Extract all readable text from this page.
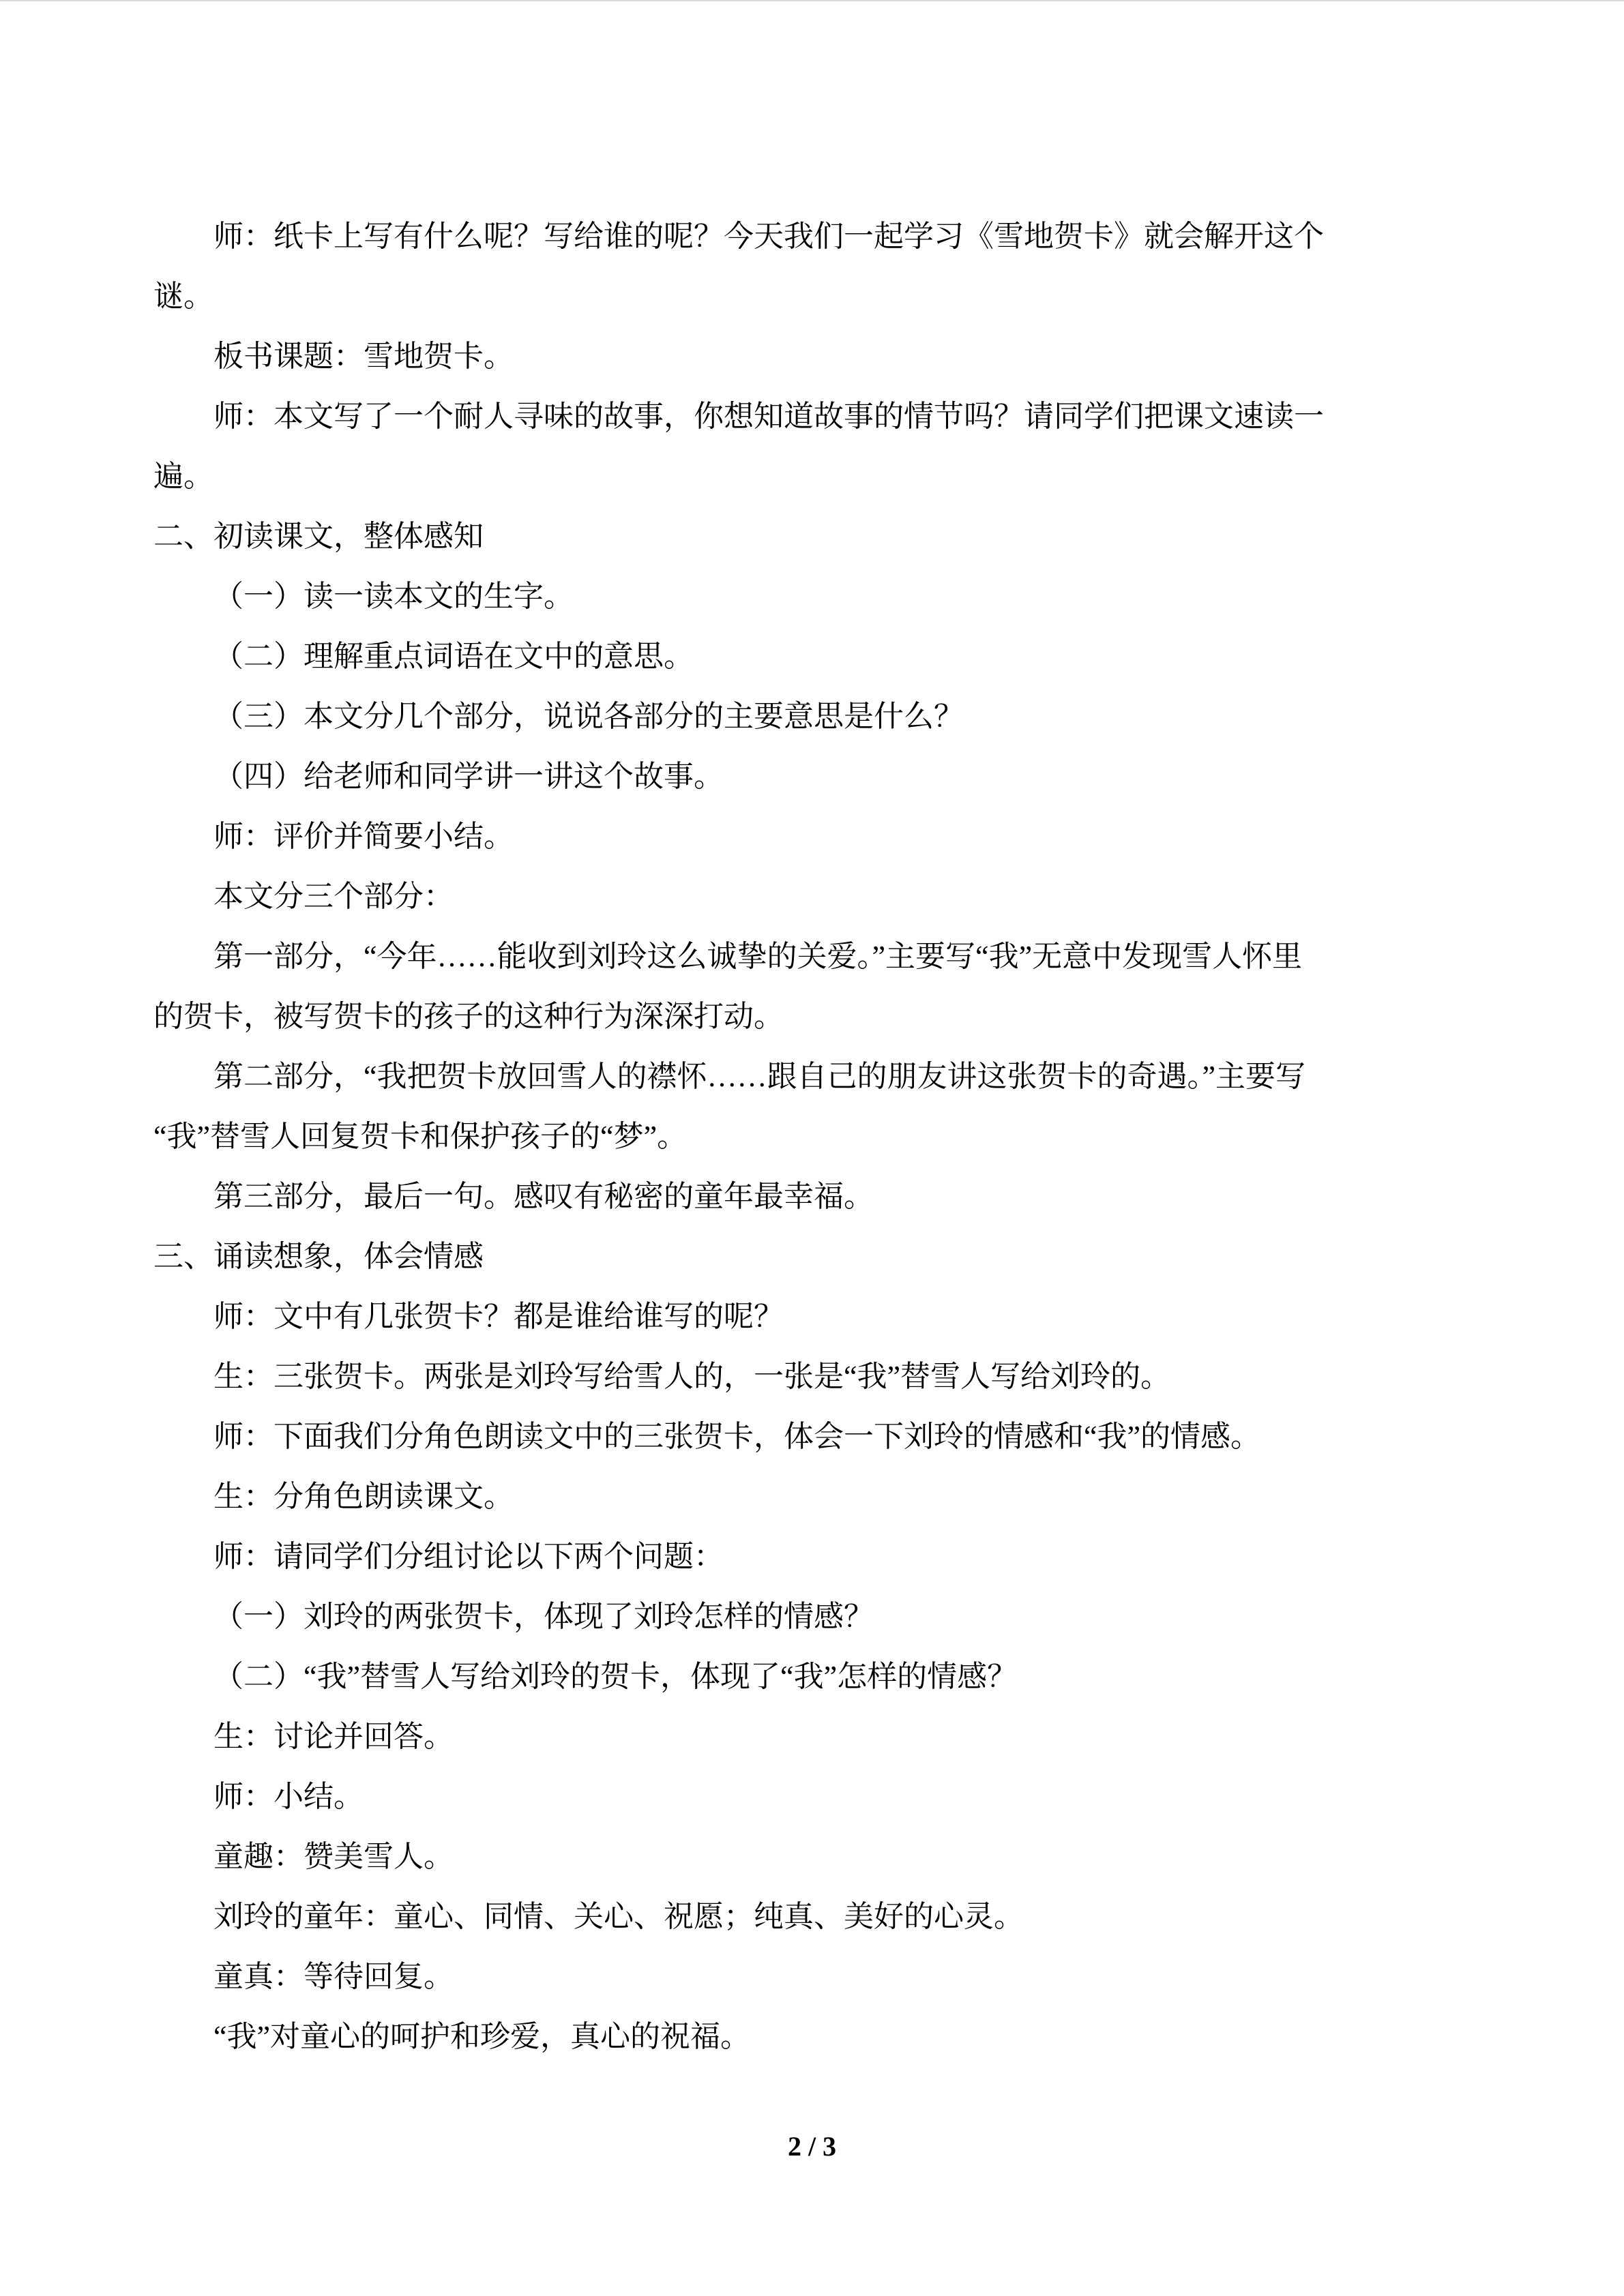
师：纸卡上写有什么呢？写给谁的呢？今天我们一起学习《雪地贺卡》就会解开这个
谜。
板书课题：雪地贺卡。
师：本文写了一个耐人寻味的故事，你想知道故事的情节吗？请同学们把课文速读一
遍。
二、初读课文，整体感知
（一）读一读本文的生字。
（二）理解重点词语在文中的意思。
（三）本文分几个部分，说说各部分的主要意思是什么？
（四）给老师和同学讲一讲这个故事。
师：评价并简要小结。
本文分三个部分：
第一部分，“今年……能收到刘玲这么诚挚的关爱。”主要写“我”无意中发现雪人怀里
的贺卡，被写贺卡的孩子的这种行为深深打动。
第二部分，“我把贺卡放回雪人的襟怀……跟自己的朋友讲这张贺卡的奇遇。”主要写
“我”替雪人回复贺卡和保护孩子的“梦”。
第三部分，最后一句。感叹有秘密的童年最幸福。
三、诵读想象，体会情感
师：文中有几张贺卡？都是谁给谁写的呢？
生：三张贺卡。两张是刘玲写给雪人的，一张是“我”替雪人写给刘玲的。
师：下面我们分角色朗读文中的三张贺卡，体会一下刘玲的情感和“我”的情感。
生：分角色朗读课文。
师：请同学们分组讨论以下两个问题：
（一）刘玲的两张贺卡，体现了刘玲怎样的情感？
（二）“我”替雪人写给刘玲的贺卡，体现了“我”怎样的情感？
生：讨论并回答。
师：小结。
童趣：赞美雪人。
刘玲的童年：童心、同情、关心、祝愿；纯真、美好的心灵。
童真：等待回复。
“我”对童心的呵护和珍爱，真心的祝福。
2 / 3
